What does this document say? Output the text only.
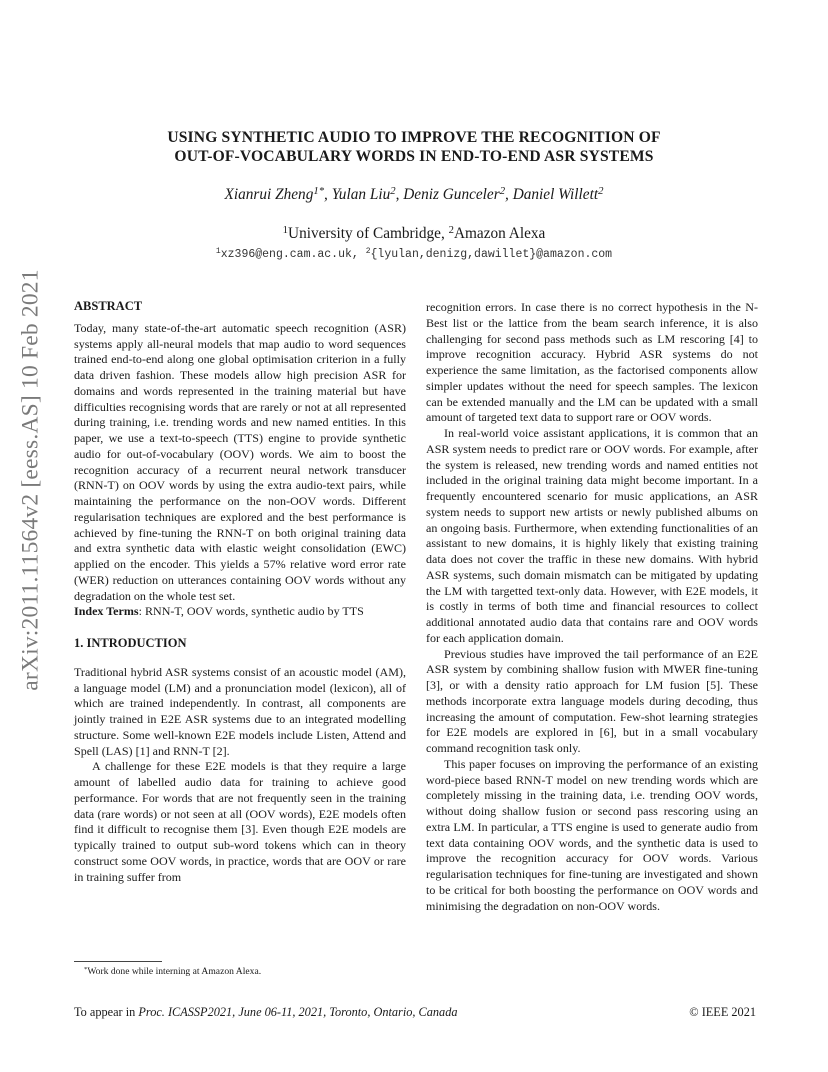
arXiv:2011.11564v2 [eess.AS] 10 Feb 2021
USING SYNTHETIC AUDIO TO IMPROVE THE RECOGNITION OF
OUT-OF-VOCABULARY WORDS IN END-TO-END ASR SYSTEMS
Xianrui Zheng$^{1*}$, Yulan Liu$^2$, Deniz Gunceler$^2$, Daniel Willett$^2$
$^1$University of Cambridge, $^2$Amazon Alexa
$^1$xz396@eng.cam.ac.uk, $^2${lyulan,denizg,dawillet}@amazon.com

ABSTRACT

Today, many state-of-the-art automatic speech recognition (ASR) systems apply all-neural models that map audio to word sequences trained end-to-end along one global optimisation criterion in a fully data driven fashion. These models allow high precision ASR for domains and words represented in the training material but have difficulties recognising words that are rarely or not at all represented during training, i.e. trending words and new named entities. In this paper, we use a text-to-speech (TTS) engine to provide synthetic audio for out-of-vocabulary (OOV) words. We aim to boost the recognition accuracy of a recurrent neural network transducer (RNN-T) on OOV words by using the extra audio-text pairs, while maintaining the performance on the non-OOV words. Different regularisation techniques are explored and the best performance is achieved by fine-tuning the RNN-T on both original training data and extra synthetic data with elastic weight consolidation (EWC) applied on the encoder. This yields a 57% relative word error rate (WER) reduction on utterances containing OOV words without any degradation on the whole test set.

Index Terms: RNN-T, OOV words, synthetic audio by TTS

1. INTRODUCTION

Traditional hybrid ASR systems consist of an acoustic model (AM), a language model (LM) and a pronunciation model (lexicon), all of which are trained independently. In contrast, all components are jointly trained in E2E ASR systems due to an integrated modelling structure. Some well-known E2E models include Listen, Attend and Spell (LAS) [1] and RNN-T [2].

A challenge for these E2E models is that they require a large amount of labelled audio data for training to achieve good performance. For words that are not frequently seen in the training data (rare words) or not seen at all (OOV words), E2E models often find it difficult to recognise them [3]. Even though E2E models are typically trained to output sub-word tokens which can in theory construct some OOV words, in practice, words that are OOV or rare in training suffer from

recognition errors. In case there is no correct hypothesis in the N-Best list or the lattice from the beam search inference, it is also challenging for second pass methods such as LM rescoring [4] to improve recognition accuracy. Hybrid ASR systems do not experience the same limitation, as the factorised components allow simpler updates without the need for speech samples. The lexicon can be extended manually and the LM can be updated with a small amount of targeted text data to support rare or OOV words.

In real-world voice assistant applications, it is common that an ASR system needs to predict rare or OOV words. For example, after the system is released, new trending words and named entities not included in the original training data might become important. In a frequently encountered scenario for music applications, an ASR system needs to support new artists or newly published albums on an ongoing basis. Furthermore, when extending functionalities of an assistant to new domains, it is highly likely that existing training data does not cover the traffic in these new domains. With hybrid ASR systems, such domain mismatch can be mitigated by updating the LM with targetted text-only data. However, with E2E models, it is costly in terms of both time and financial resources to collect additional annotated audio data that contains rare and OOV words for each application domain.

Previous studies have improved the tail performance of an E2E ASR system by combining shallow fusion with MWER fine-tuning [3], or with a density ratio approach for LM fusion [5]. These methods incorporate extra language models during decoding, thus increasing the amount of computation. Few-shot learning strategies for E2E models are explored in [6], but in a small vocabulary command recognition task only.

This paper focuses on improving the performance of an existing word-piece based RNN-T model on new trending words which are completely missing in the training data, i.e. trending OOV words, without doing shallow fusion or second pass rescoring using an extra LM. In particular, a TTS engine is used to generate audio from text data containing OOV words, and the synthetic data is used to improve the recognition accuracy for OOV words. Various regularisation techniques for fine-tuning are investigated and shown to be critical for both boosting the performance on OOV words and minimising the degradation on non-OOV words.

*Work done while interning at Amazon Alexa.
To appear in Proc. ICASSP2021, June 06-11, 2021, Toronto, Ontario, Canada	© IEEE 2021
